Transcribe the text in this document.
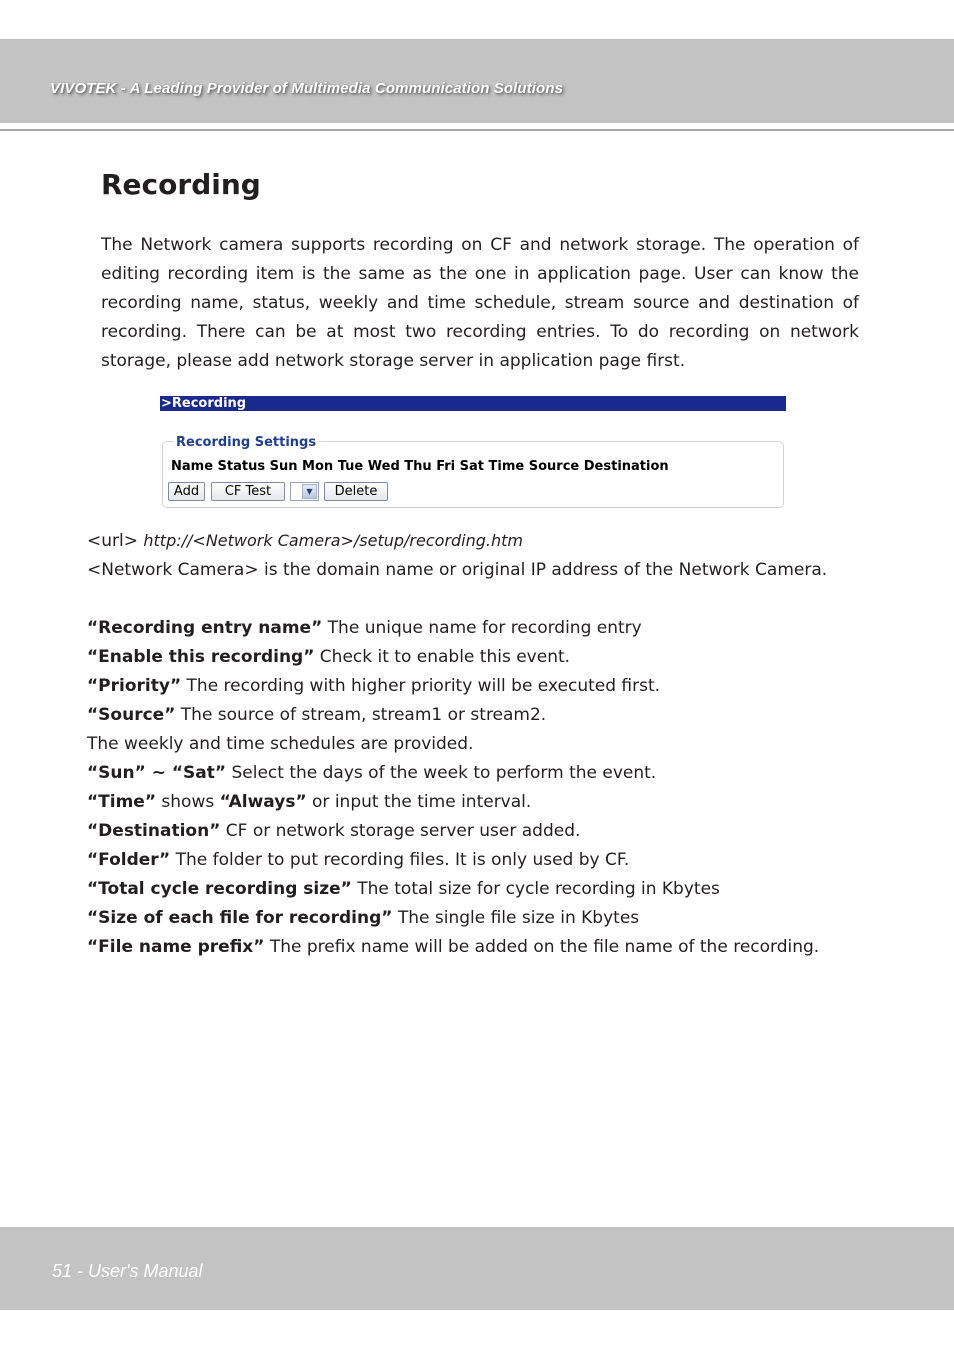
VIVOTEK - A Leading Provider of Multimedia Communication Solutions
Recording

The Network camera supports recording on CF and network storage. The operation of editing recording item is the same as the one in application page. User can know the recording name, status, weekly and time schedule, stream source and destination of recording. There can be at most two recording entries. To do recording on network storage, please add network storage server in application page first.

>Recording
Recording Settings
Name Status Sun Mon Tue Wed Thu Fri Sat Time Source Destination
Add	CF Test	▼	Delete
<url> http://<Network Camera>/setup/recording.htm
<Network Camera> is the domain name or original IP address of the Network Camera.
“Recording entry name” The unique name for recording entry
“Enable this recording” Check it to enable this event.
“Priority” The recording with higher priority will be executed first.
“Source” The source of stream, stream1 or stream2.
The weekly and time schedules are provided.
“Sun” ~ “Sat” Select the days of the week to perform the event.
“Time” shows “Always” or input the time interval.
“Destination” CF or network storage server user added.
“Folder” The folder to put recording files. It is only used by CF.
“Total cycle recording size” The total size for cycle recording in Kbytes
“Size of each file for recording” The single file size in Kbytes
“File name prefix” The prefix name will be added on the file name of the recording.
51 - User's Manual
